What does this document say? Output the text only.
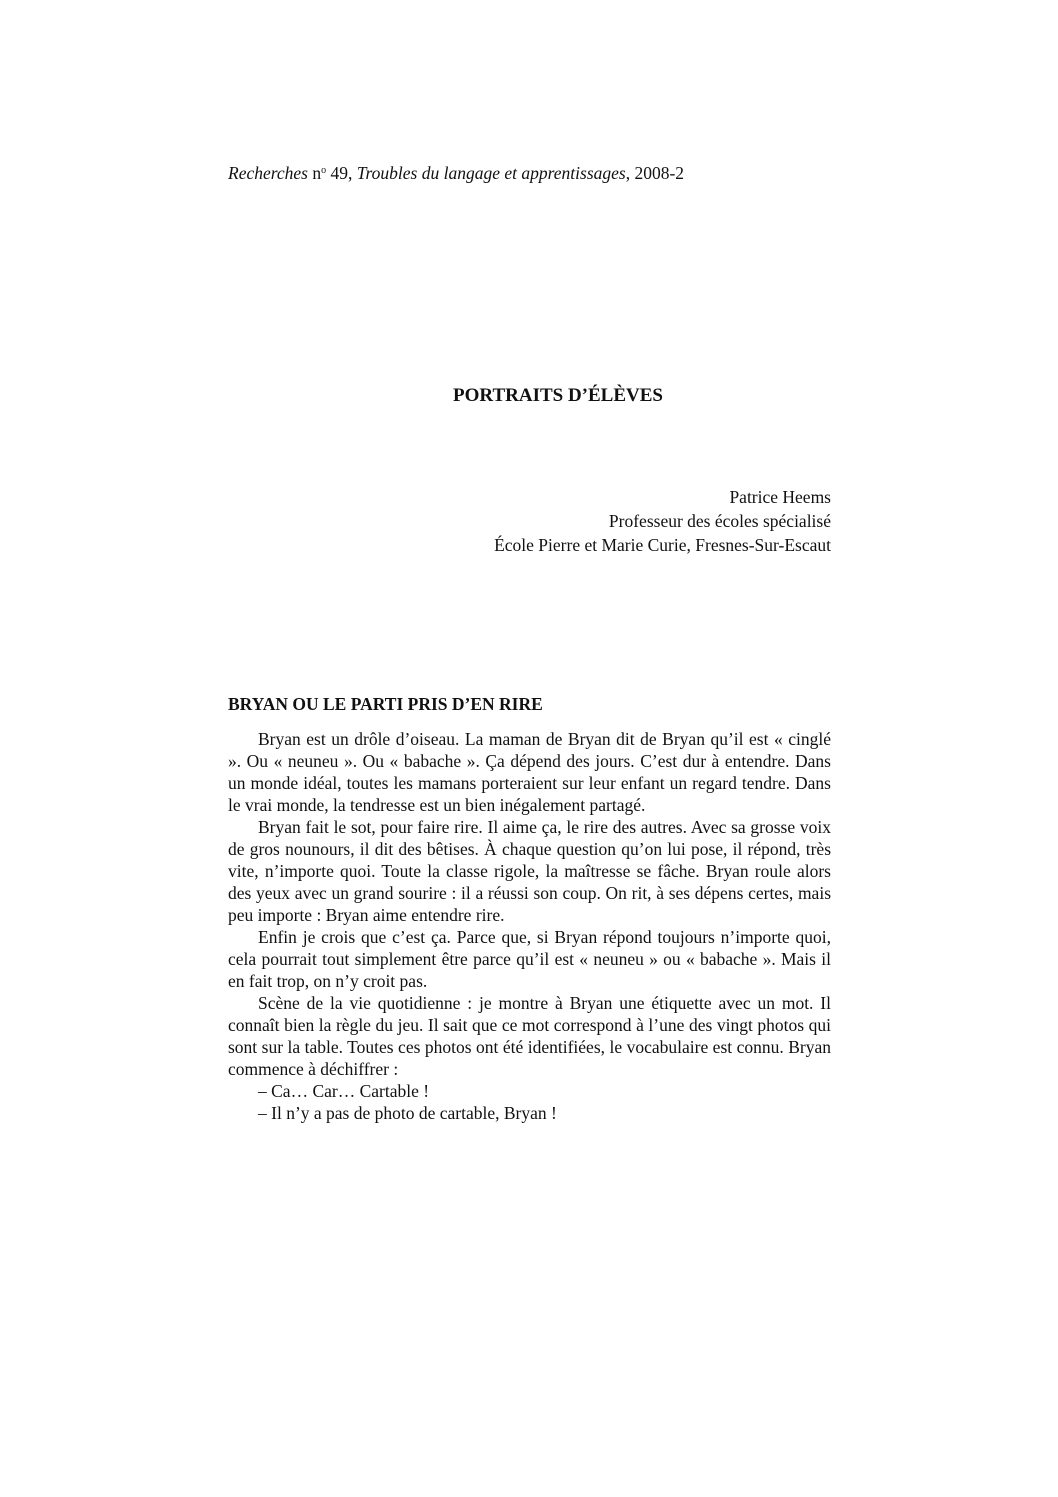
Recherches $n^o$ 49, Troubles du langage et apprentissages, 2008-2
PORTRAITS D’ÉLÈVES
Patrice Heems
Professeur des écoles spécialisé
École Pierre et Marie Curie, Fresnes-Sur-Escaut
BRYAN OU LE PARTI PRIS D’EN RIRE

Bryan est un drôle d’oiseau. La maman de Bryan dit de Bryan qu’il est « cinglé ». Ou « neuneu ». Ou « babache ». Ça dépend des jours. C’est dur à entendre. Dans un monde idéal, toutes les mamans porteraient sur leur enfant un regard tendre. Dans le vrai monde, la tendresse est un bien inégalement partagé.

Bryan fait le sot, pour faire rire. Il aime ça, le rire des autres. Avec sa grosse voix de gros nounours, il dit des bêtises. À chaque question qu’on lui pose, il répond, très vite, n’importe quoi. Toute la classe rigole, la maîtresse se fâche. Bryan roule alors des yeux avec un grand sourire : il a réussi son coup. On rit, à ses dépens certes, mais peu importe : Bryan aime entendre rire.

Enfin je crois que c’est ça. Parce que, si Bryan répond toujours n’importe quoi, cela pourrait tout simplement être parce qu’il est « neuneu » ou « babache ». Mais il en fait trop, on n’y croit pas.

Scène de la vie quotidienne : je montre à Bryan une étiquette avec un mot. Il connaît bien la règle du jeu. Il sait que ce mot correspond à l’une des vingt photos qui sont sur la table. Toutes ces photos ont été identifiées, le vocabulaire est connu. Bryan commence à déchiffrer :

– Ca… Car… Cartable !

– Il n’y a pas de photo de cartable, Bryan !
